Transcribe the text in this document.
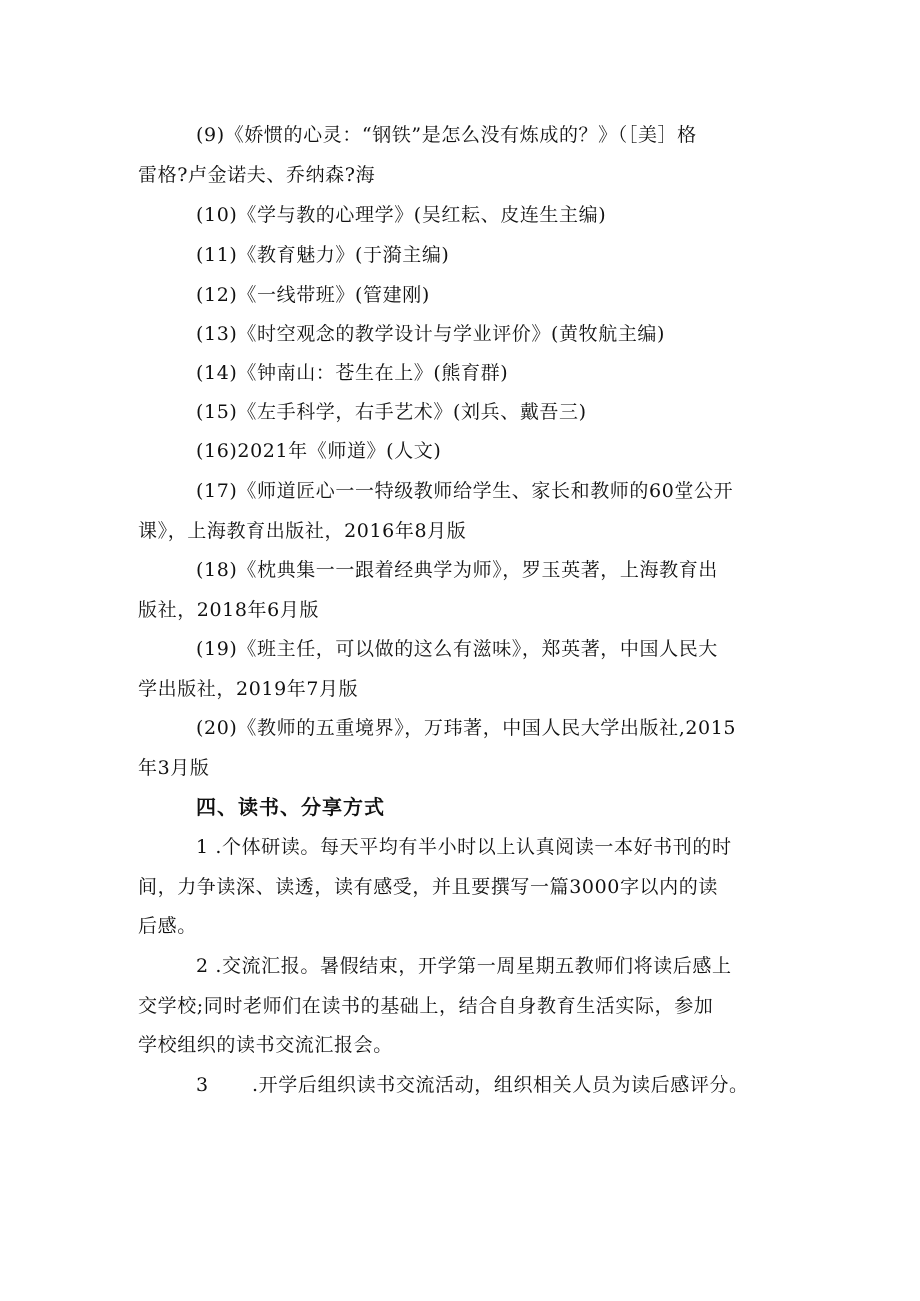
(9)《娇惯的心灵：“钢铁”是怎么没有炼成的？》（［美］格
雷格?卢金诺夫、乔纳森?海
(10)《学与教的心理学》(吴红耘、皮连生主编)
(11)《教育魅力》(于漪主编)
(12)《一线带班》(管建刚)
(13)《时空观念的教学设计与学业评价》(黄牧航主编)
(14)《钟南山：苍生在上》(熊育群)
(15)《左手科学，右手艺术》(刘兵、戴吾三)
(16)2021年《师道》(人文)
(17)《师道匠心一一特级教师给学生、家长和教师的60堂公开
课》，上海教育出版社，2016年8月版
(18)《枕典集一一跟着经典学为师》，罗玉英著，上海教育出
版社，2018年6月版
(19)《班主任，可以做的这么有滋味》，郑英著，中国人民大
学出版社，2019年7月版
(20)《教师的五重境界》，万玮著，中国人民大学出版社,2015
年3月版
四、读书、分享方式
1 .个体研读。每天平均有半小时以上认真阅读一本好书刊的时
间，力争读深、读透，读有感受，并且要撰写一篇3000字以内的读
后感。
2 .交流汇报。暑假结束，开学第一周星期五教师们将读后感上
交学校;同时老师们在读书的基础上，结合自身教育生活实际，参加
学校组织的读书交流汇报会。
3 .开学后组织读书交流活动，组织相关人员为读后感评分。
